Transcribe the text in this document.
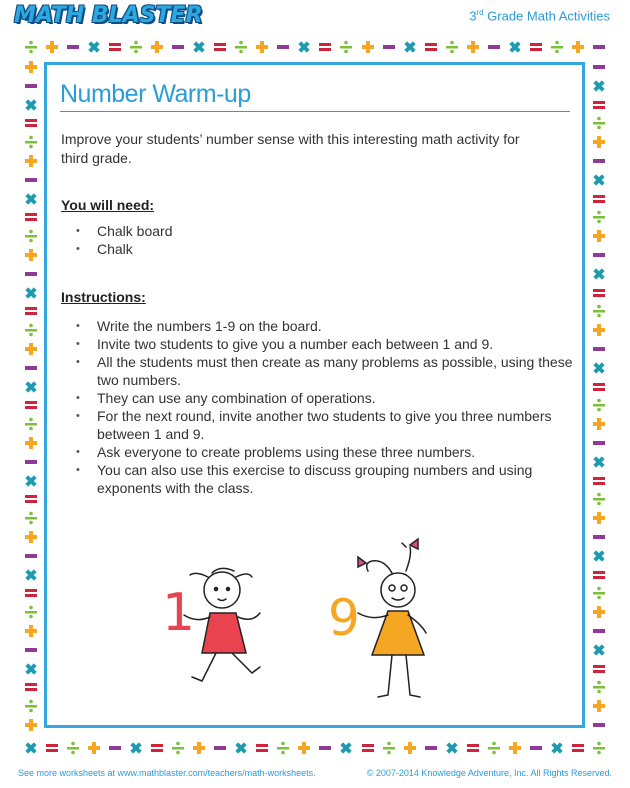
MATH BLASTER	3rd Grade Math Activities
Number Warm-up
Improve your students’ number sense with this interesting math activity for third grade.
You will need:
• Chalk board
• Chalk
Instructions:
• Write the numbers 1-9 on the board.
• Invite two students to give you a number each between 1 and 9.
• All the students must then create as many problems as possible, using these two numbers.
• They can use any combination of operations.
• For the next round, invite another two students to give you three numbers between 1 and 9.
• Ask everyone to create problems using these three numbers.
• You can also use this exercise to discuss grouping numbers and using exponents with the class.
1	9
See more worksheets at www.mathblaster.com/teachers/math-worksheets.	© 2007-2014 Knowledge Adventure, Inc. All Rights Reserved.
